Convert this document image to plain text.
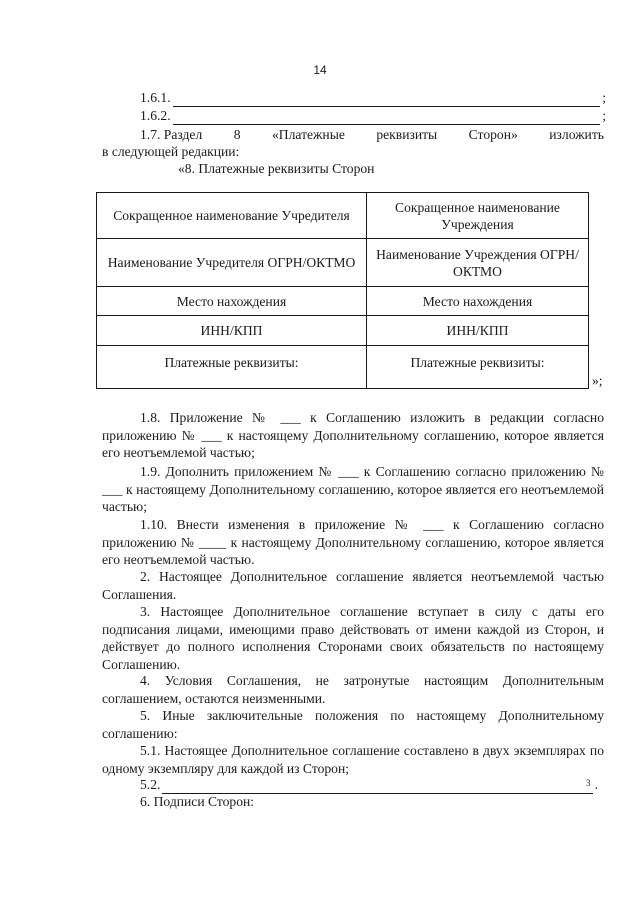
14
1.6.1.	;
1.6.2.	;
1.7. Раздел 8 «Платежные реквизиты Сторон» изложить
в следующей редакции:
«8. Платежные реквизиты Сторон
Сокращенное наименование Учредителя	Сокращенное наименование Учреждения
Наименование Учредителя ОГРН/ОКТМО	Наименование Учреждения ОГРН/ОКТМО
Место нахождения	Место нахождения
ИНН/КПП	ИНН/КПП
Платежные реквизиты:	Платежные реквизиты:
»;
1.8. Приложение № ___ к Соглашению изложить в редакции согласно приложению № ___ к настоящему Дополнительному соглашению, которое является его неотъемлемой частью;
1.9. Дополнить приложением № ___ к Соглашению согласно приложению № ___ к настоящему Дополнительному соглашению, которое является его неотъемлемой частью;
1.10. Внести изменения в приложение № ___ к Соглашению согласно приложению № ____ к настоящему Дополнительному соглашению, которое является его неотъемлемой частью.
2. Настоящее Дополнительное соглашение является неотъемлемой частью Соглашения.
3. Настоящее Дополнительное соглашение вступает в силу с даты его подписания лицами, имеющими право действовать от имени каждой из Сторон, и действует до полного исполнения Сторонами своих обязательств по настоящему Соглашению.
4. Условия Соглашения, не затронутые настоящим Дополнительным соглашением, остаются неизменными.
5. Иные заключительные положения по настоящему Дополнительному соглашению:
5.1. Настоящее Дополнительное соглашение составлено в двух экземплярах по одному экземпляру для каждой из Сторон;
5.2.	.
3
6. Подписи Сторон:
